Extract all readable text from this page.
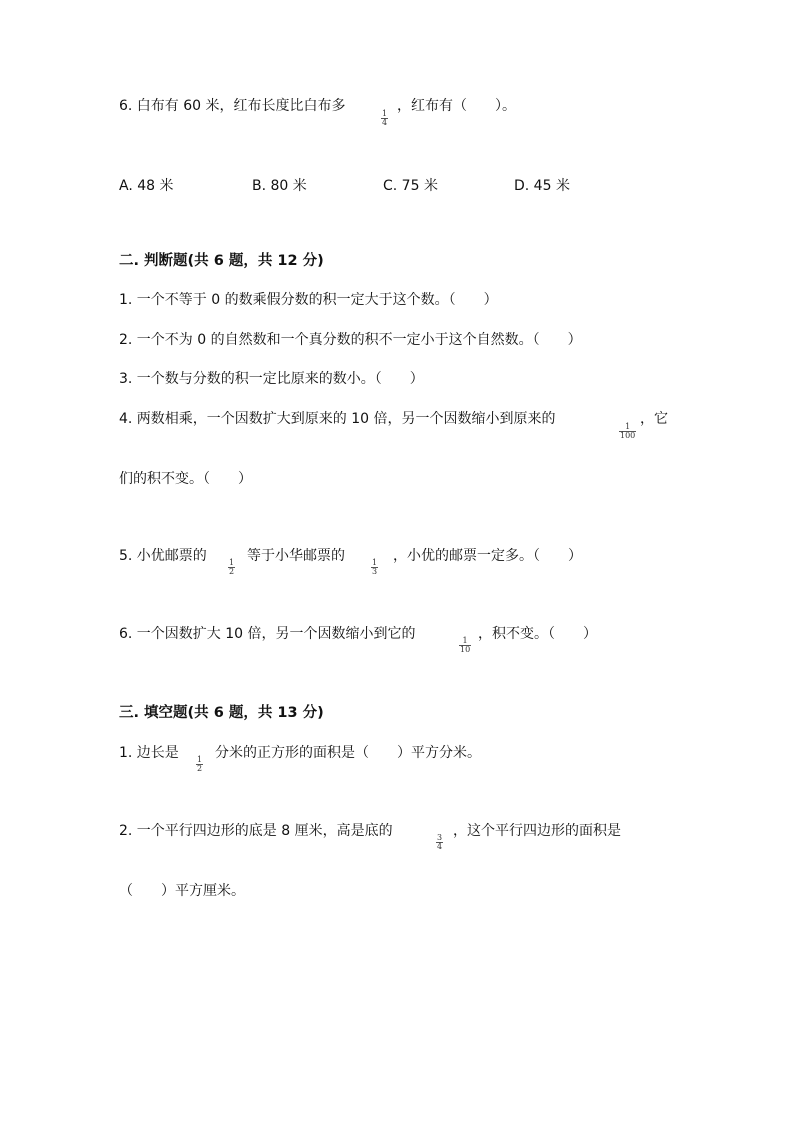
6. 白布有 60 米，红布长度比白布多	1
4
，红布有（　　）。
A. 48 米	B. 80 米	C. 75 米	D. 45 米
二. 判断题(共 6 题，共 12 分)
1. 一个不等于 0 的数乘假分数的积一定大于这个数。（　　）
2. 一个不为 0 的自然数和一个真分数的积不一定小于这个自然数。（　　）
3. 一个数与分数的积一定比原来的数小。（　　）
4. 两数相乘，一个因数扩大到原来的 10 倍，另一个因数缩小到原来的	1
100
，它
们的积不变。（　　）
5. 小优邮票的	1
2
等于小华邮票的	1
3
，小优的邮票一定多。（　　）
6. 一个因数扩大 10 倍，另一个因数缩小到它的	1
10
，积不变。（　　）
三. 填空题(共 6 题，共 13 分)
1. 边长是 1
2
分米的正方形的面积是（　　）平方分米。
2. 一个平行四边形的底是 8 厘米，高是底的	3
4
，这个平行四边形的面积是
（　　）平方厘米。
